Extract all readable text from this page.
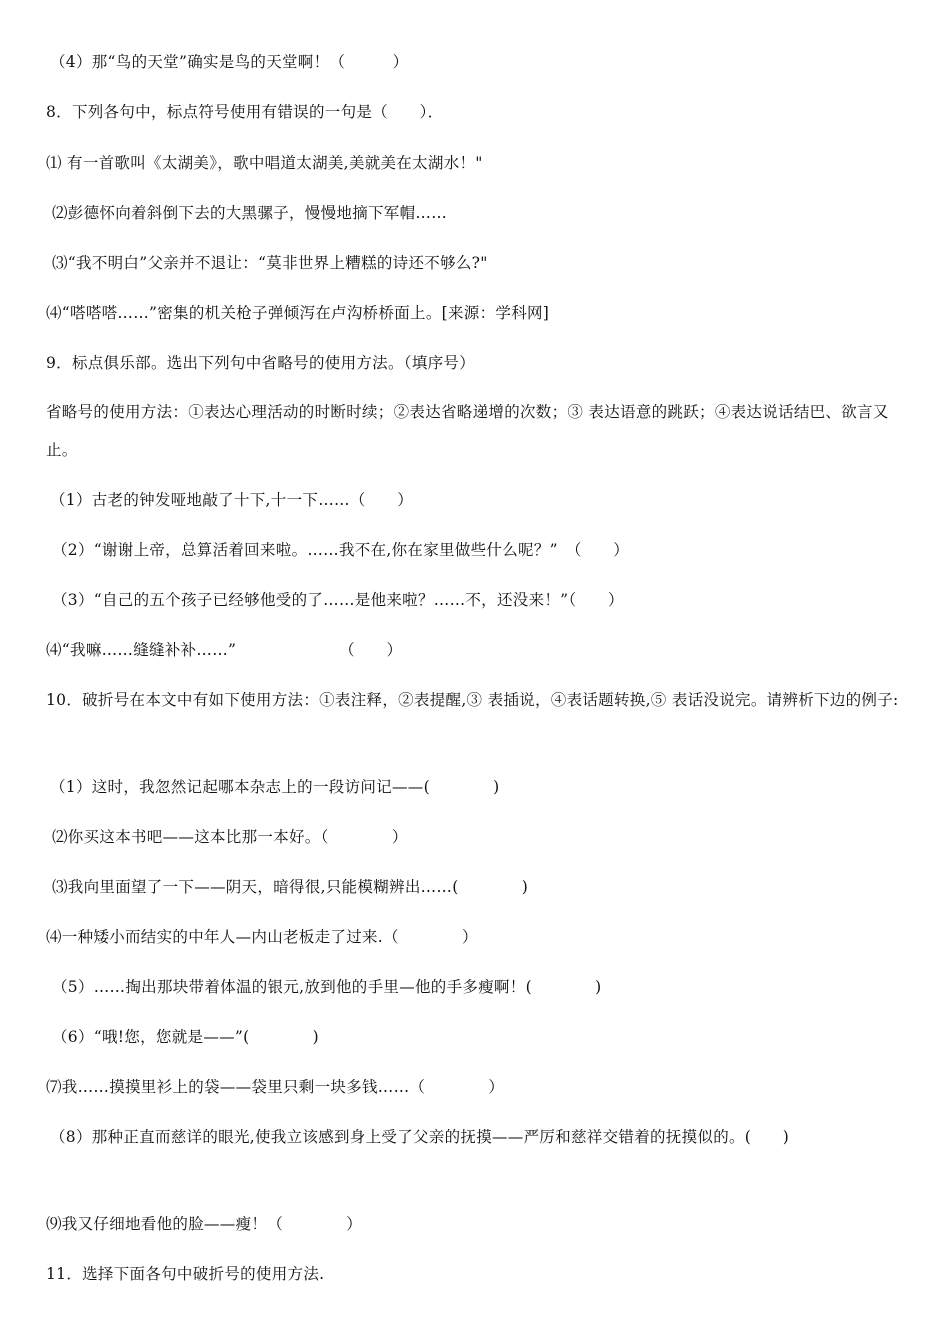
（4）那“鸟的天堂”确实是鸟的天堂啊！（　　　）
8．下列各句中，标点符号使用有错误的一句是（　　）．
⑴ 有一首歌叫《太湖美》，歌中唱道太湖美,美就美在太湖水！"
⑵彭德怀向着斜倒下去的大黑骡子，慢慢地摘下军帽……
⑶“我不明白”父亲并不退让：“莫非世界上糟糕的诗还不够么?"
⑷“嗒嗒嗒……”密集的机关枪子弹倾泻在卢沟桥桥面上。[来源：学科网]
9．标点俱乐部。选出下列句中省略号的使用方法。（填序号）
省略号的使用方法：①表达心理活动的时断时续；②表达省略递增的次数；③ 表达语意的跳跃；④表达说话结巴、欲言又止。
（1）古老的钟发哑地敲了十下,十一下……（　　）
（2）“谢谢上帝，总算活着回来啦。……我不在,你在家里做些什么呢？”　（　　）
（3）“自己的五个孩子已经够他受的了……是他来啦？……不，还没来！”（　　）
⑷“我嘛……缝缝补补……”　　　　　　　（　　）
10．破折号在本文中有如下使用方法：①表注释，②表提醒,③ 表插说，④表话题转换,⑤ 表话没说完。请辨析下边的例子:
（1）这时，我忽然记起哪本杂志上的一段访问记——(　　　　)
⑵你买这本书吧——这本比那一本好。（　　　　）
⑶我向里面望了一下——阴天，暗得很,只能模糊辨出……(　　　　)
⑷一种矮小而结实的中年人—内山老板走了过来.（　　　　）
（5）……掏出那块带着体温的银元,放到他的手里—他的手多瘦啊！(　　　　)
（6）“哦!您，您就是——”(　　　　)
⑺我……摸摸里衫上的袋——袋里只剩一块多钱……（　　　　）
（8）那种正直而慈详的眼光,使我立该感到身上受了父亲的抚摸——严厉和慈祥交错着的抚摸似的。(　　)
⑼我又仔细地看他的脸——瘦！（　　　　）
11．选择下面各句中破折号的使用方法.
